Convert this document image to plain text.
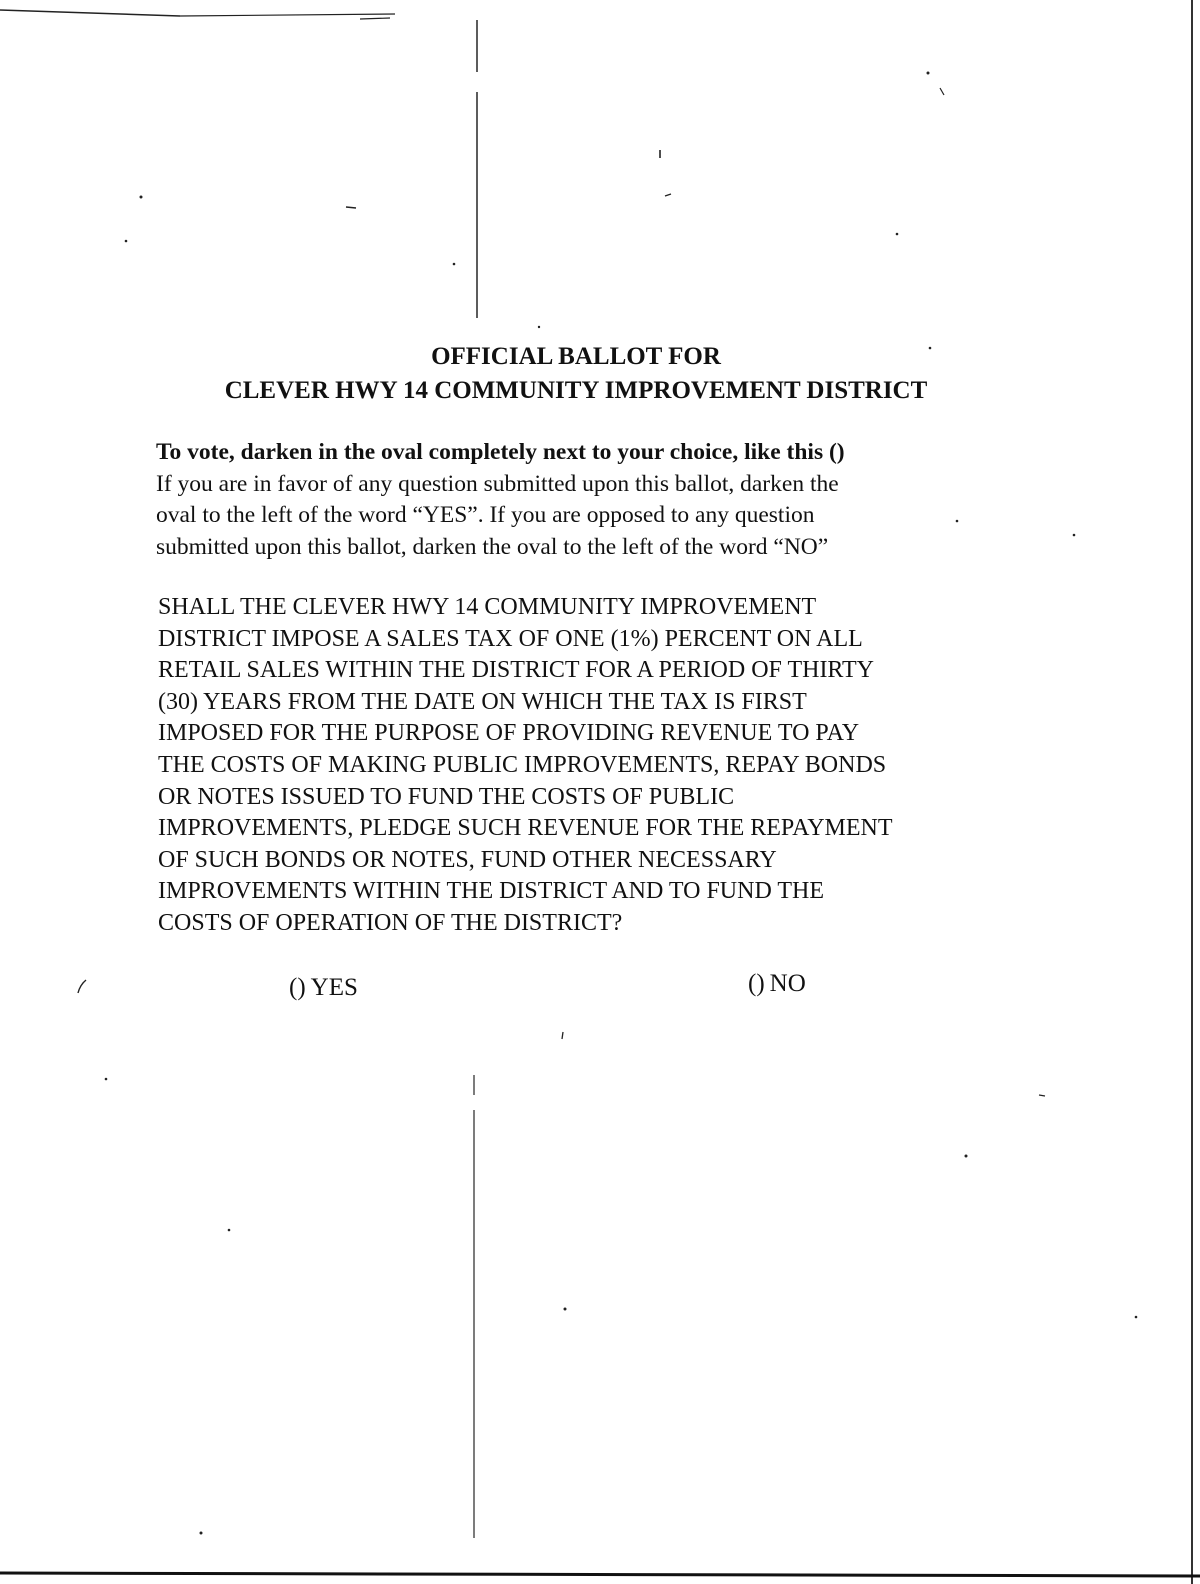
OFFICIAL BALLOT FOR
CLEVER HWY 14 COMMUNITY IMPROVEMENT DISTRICT
To vote, darken in the oval completely next to your choice, like this ()
If you are in favor of any question submitted upon this ballot, darken the
oval to the left of the word “YES”. If you are opposed to any question
submitted upon this ballot, darken the oval to the left of the word “NO”
SHALL THE CLEVER HWY 14 COMMUNITY IMPROVEMENT
DISTRICT IMPOSE A SALES TAX OF ONE (1%) PERCENT ON ALL
RETAIL SALES WITHIN THE DISTRICT FOR A PERIOD OF THIRTY
(30) YEARS FROM THE DATE ON WHICH THE TAX IS FIRST
IMPOSED FOR THE PURPOSE OF PROVIDING REVENUE TO PAY
THE COSTS OF MAKING PUBLIC IMPROVEMENTS, REPAY BONDS
OR NOTES ISSUED TO FUND THE COSTS OF PUBLIC
IMPROVEMENTS, PLEDGE SUCH REVENUE FOR THE REPAYMENT
OF SUCH BONDS OR NOTES, FUND OTHER NECESSARY
IMPROVEMENTS WITHIN THE DISTRICT AND TO FUND THE
COSTS OF OPERATION OF THE DISTRICT?
() YES	() NO
